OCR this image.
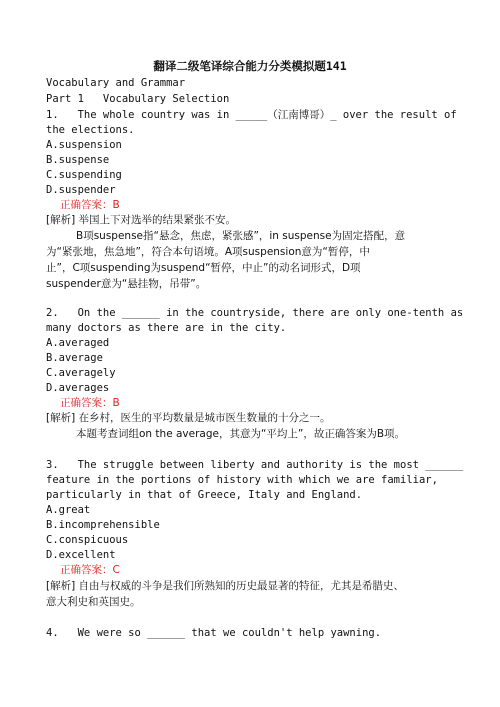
翻译二级笔译综合能力分类模拟题141
Vocabulary and Grammar
Part 1   Vocabulary Selection
1.   The whole country was in _____（江南博哥）_ over the result of
the elections.
A.suspension
B.suspense
C.suspending
D.suspender
正确答案：B
[解析] 举国上下对选举的结果紧张不安。
B项suspense指“悬念，焦虑，紧张感”，in suspense为固定搭配，意
为“紧张地，焦急地”，符合本句语境。A项suspension意为“暂停，中
止”，C项suspending为suspend“暂停，中止”的动名词形式，D项
suspender意为“悬挂物，吊带”。
2.   On the ______ in the countryside, there are only one-tenth as
many doctors as there are in the city.
A.averaged
B.average
C.averagely
D.averages
正确答案：B
[解析] 在乡村，医生的平均数量是城市医生数量的十分之一。
本题考查词组on the average，其意为“平均上”，故正确答案为B项。
3.   The struggle between liberty and authority is the most ______
feature in the portions of history with which we are familiar,
particularly in that of Greece, Italy and England.
A.great
B.incomprehensible
C.conspicuous
D.excellent
正确答案：C
[解析] 自由与权威的斗争是我们所熟知的历史最显著的特征，尤其是希腊史、
意大利史和英国史。
4.   We were so ______ that we couldn't help yawning.
